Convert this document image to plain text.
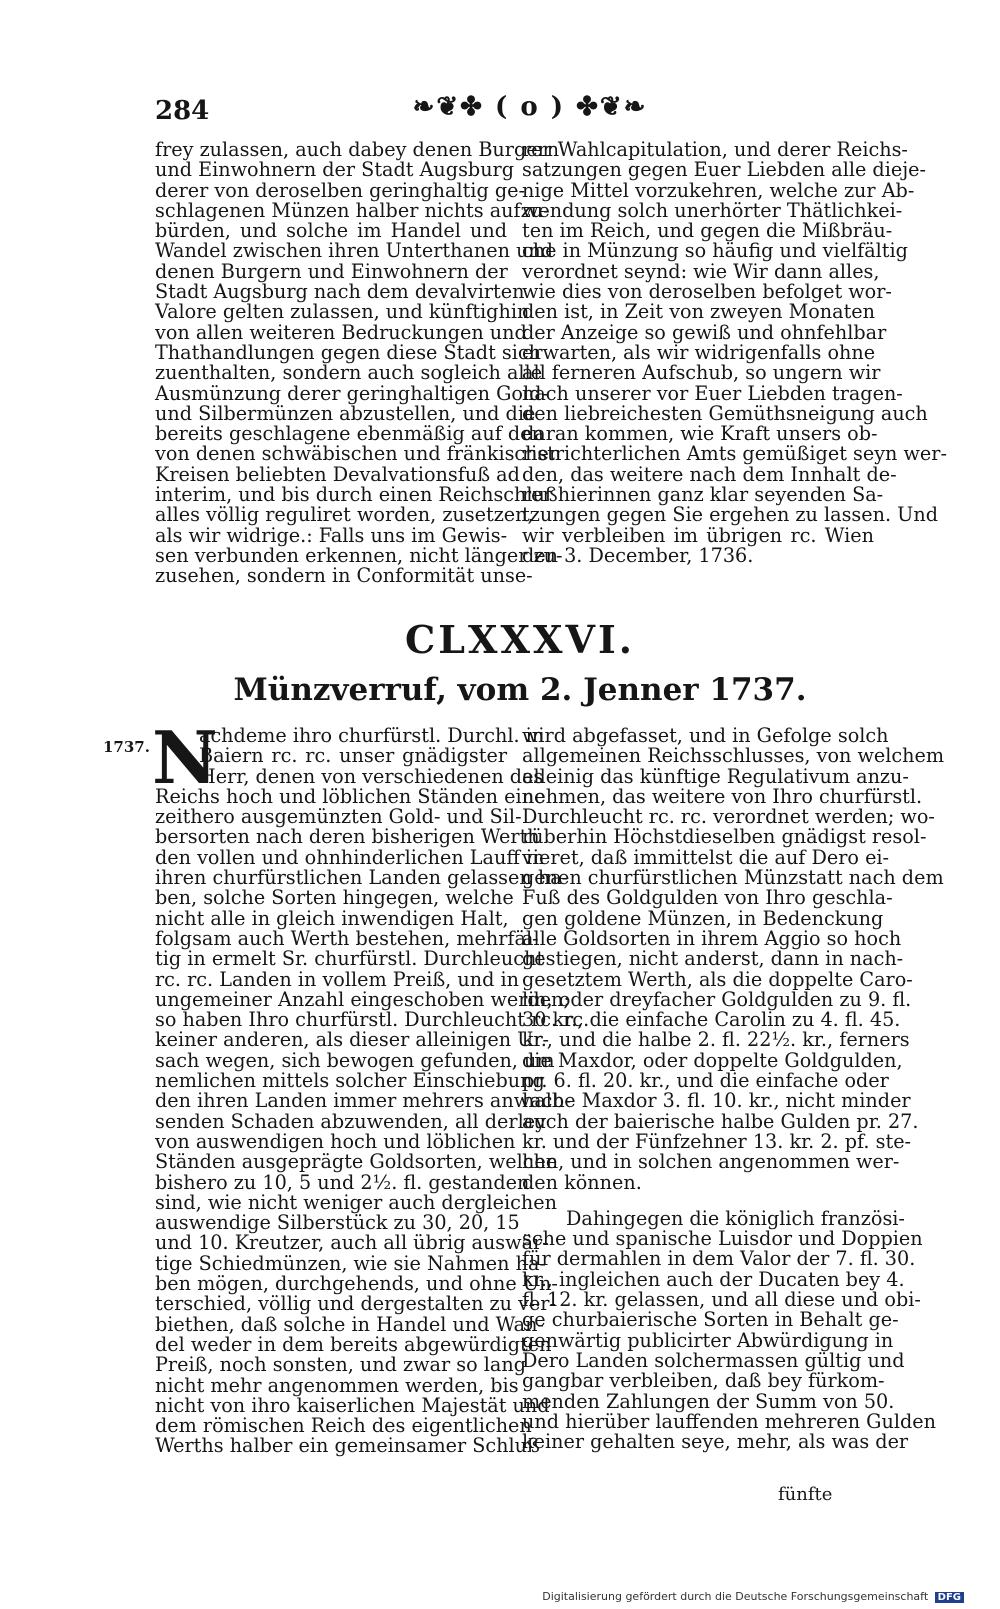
284	❧❦✤ ( o ) ✤❦❧
frey zulassen, auch dabey denen Burgern
und Einwohnern der Stadt Augsburg
derer von deroselben geringhaltig ge-
schlagenen Münzen halber nichts aufzu-
bürden, und solche im Handel und
Wandel zwischen ihren Unterthanen und
denen Burgern und Einwohnern der
Stadt Augsburg nach dem devalvirten
Valore gelten zulassen, und künftighin
von allen weiteren Bedruckungen und
Thathandlungen gegen diese Stadt sich
zuenthalten, sondern auch sogleich alle
Ausmünzung derer geringhaltigen Gold-
und Silbermünzen abzustellen, und die
bereits geschlagene ebenmäßig auf den
von denen schwäbischen und fränkischen
Kreisen beliebten Devalvationsfuß ad
interim, und bis durch einen Reichschluß
alles völlig reguliret worden, zusetzen,
als wir widrige.: Falls uns im Gewis-
sen verbunden erkennen, nicht länger zu-
zusehen, sondern in Conformität unse-
rer Wahlcapitulation, und derer Reichs-
satzungen gegen Euer Liebden alle dieje-
nige Mittel vorzukehren, welche zur Ab-
wendung solch unerhörter Thätlichkei-
ten im Reich, und gegen die Mißbräu-
che in Münzung so häufig und vielfältig
verordnet seynd: wie Wir dann alles,
wie dies von deroselben befolget wor-
den ist, in Zeit von zweyen Monaten
der Anzeige so gewiß und ohnfehlbar
erwarten, als wir widrigenfalls ohne
all ferneren Aufschub, so ungern wir
nach unserer vor Euer Liebden tragen-
den liebreichesten Gemüthsneigung auch
daran kommen, wie Kraft unsers ob-
ristrichterlichen Amts gemüßiget seyn wer-
den, das weitere nach dem Innhalt de-
rer hierinnen ganz klar seyenden Sa-
tzungen gegen Sie ergehen zu lassen. Und
wir verbleiben im übrigen rc. Wien
den 3. December, 1736.
CLXXXVI.
Münzverruf, vom 2. Jenner 1737.
1737. N
achdeme ihro churfürstl. Durchl. in
Baiern rc. rc. unser gnädigster
Herr, denen von verschiedenen des
Reichs hoch und löblichen Ständen eine
zeithero ausgemünzten Gold- und Sil-
bersorten nach deren bisherigen Werth
den vollen und ohnhinderlichen Lauff in
ihren churfürstlichen Landen gelassen ha-
ben, solche Sorten hingegen, welche
nicht alle in gleich inwendigen Halt,
folgsam auch Werth bestehen, mehrfäl-
tig in ermelt Sr. churfürstl. Durchleucht
rc. rc. Landen in vollem Preiß, und in
ungemeiner Anzahl eingeschoben werden;
so haben Ihro churfürstl. Durchleucht rc. rc.
keiner anderen, als dieser alleinigen Ur-
sach wegen, sich bewogen gefunden, um
nemlichen mittels solcher Einschiebung
den ihren Landen immer mehrers anwach-
senden Schaden abzuwenden, all derley
von auswendigen hoch und löblichen
Ständen ausgeprägte Goldsorten, welche
bishero zu 10, 5 und 2½. fl. gestanden
sind, wie nicht weniger auch dergleichen
auswendige Silberstück zu 30, 20, 15
und 10. Kreutzer, auch all übrig auswär-
tige Schiedmünzen, wie sie Nahmen ha-
ben mögen, durchgehends, und ohne Un-
terschied, völlig und dergestalten zu ver-
biethen, daß solche in Handel und Wan-
del weder in dem bereits abgewürdigten
Preiß, noch sonsten, und zwar so lang
nicht mehr angenommen werden, bis
nicht von ihro kaiserlichen Majestät und
dem römischen Reich des eigentlichen
Werths halber ein gemeinsamer Schluß
wird abgefasset, und in Gefolge solch
allgemeinen Reichsschlusses, von welchem
alleinig das künftige Regulativum anzu-
nehmen, das weitere von Ihro churfürstl.
Durchleucht rc. rc. verordnet werden; wo-
rüberhin Höchstdieselben gnädigst resol-
vieret, daß immittelst die auf Dero ei-
genen churfürstlichen Münzstatt nach dem
Fuß des Goldgulden von Ihro geschla-
gen goldene Münzen, in Bedenckung
alle Goldsorten in ihrem Aggio so hoch
gestiegen, nicht anderst, dann in nach-
gesetztem Werth, als die doppelte Caro-
lin, oder dreyfacher Goldgulden zu 9. fl.
30 kr., die einfache Carolin zu 4. fl. 45.
kr., und die halbe 2. fl. 22½. kr., ferners
die Maxdor, oder doppelte Goldgulden,
pr. 6. fl. 20. kr., und die einfache oder
halbe Maxdor 3. fl. 10. kr., nicht minder
auch der baierische halbe Gulden pr. 27.
kr. und der Fünfzehner 13. kr. 2. pf. ste-
hen, und in solchen angenommen wer-
den können.
Dahingegen die königlich französi-
sche und spanische Luisdor und Doppien
für dermahlen in dem Valor der 7. fl. 30.
kr., ingleichen auch der Ducaten bey 4.
fl. 12. kr. gelassen, und all diese und obi-
ge churbaierische Sorten in Behalt ge-
genwärtig publicirter Abwürdigung in
Dero Landen solchermassen gültig und
gangbar verbleiben, daß bey fürkom-
menden Zahlungen der Summ von 50.
und hierüber lauffenden mehreren Gulden
keiner gehalten seye, mehr, als was der
fünfte
Digitalisierung gefördert durch die Deutsche Forschungsgemeinschaft DFG
